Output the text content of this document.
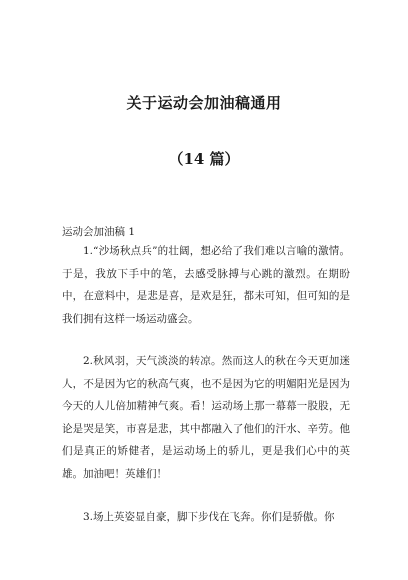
关于运动会加油稿通用
（14 篇）
运动会加油稿 1

1.“沙场秋点兵”的壮阔，想必给了我们难以言喻的激情。于是，我放下手中的笔，去感受脉搏与心跳的激烈。在期盼中，在意料中，是悲是喜，是欢是狂，都未可知，但可知的是我们拥有这样一场运动盛会。

2.秋风羽，天气淡淡的转凉。然而这人的秋在今天更加迷人，不是因为它的秋高气爽，也不是因为它的明媚阳光是因为今天的人儿倍加精神气爽。看！运动场上那一幕幕一股股，无论是哭是笑，市喜是悲，其中都融入了他们的汗水、辛劳。他们是真正的矫健者，是运动场上的骄儿，更是我们心中的英雄。加油吧！英雄们！

3.场上英姿显自豪，脚下步伐在飞奔。你们是骄傲。你
